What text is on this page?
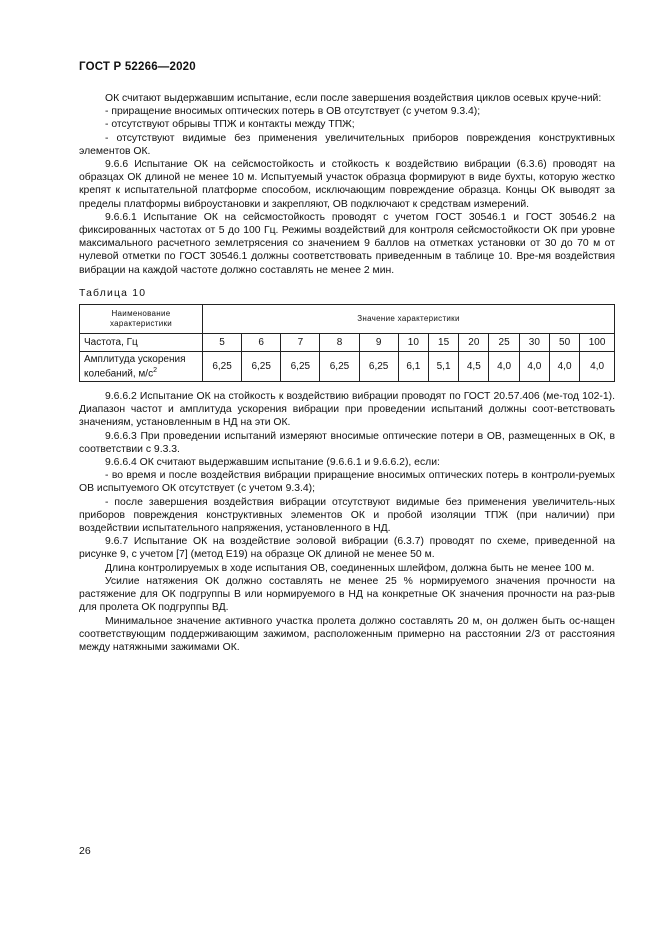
ГОСТ Р 52266—2020

ОК считают выдержавшим испытание, если после завершения воздействия циклов осевых круче-ний:

- приращение вносимых оптических потерь в ОВ отсутствует (с учетом 9.3.4);

- отсутствуют обрывы ТПЖ и контакты между ТПЖ;

- отсутствуют видимые без применения увеличительных приборов повреждения конструктивных элементов ОК.

9.6.6 Испытание ОК на сейсмостойкость и стойкость к воздействию вибрации (6.3.6) проводят на образцах ОК длиной не менее 10 м. Испытуемый участок образца формируют в виде бухты, которую жестко крепят к испытательной платформе способом, исключающим повреждение образца. Концы ОК выводят за пределы платформы виброустановки и закрепляют, ОВ подключают к средствам измерений.

9.6.6.1 Испытание ОК на сейсмостойкость проводят с учетом ГОСТ 30546.1 и ГОСТ 30546.2 на фиксированных частотах от 5 до 100 Гц. Режимы воздействий для контроля сейсмостойкости ОК при уровне максимального расчетного землетрясения со значением 9 баллов на отметках установки от 30 до 70 м от нулевой отметки по ГОСТ 30546.1 должны соответствовать приведенным в таблице 10. Вре-мя воздействия вибрации на каждой частоте должно составлять не менее 2 мин.

Таблица 10
Наименование характеристики	Значение характеристики											
Частота, Гц	5	6	7	8	9	10	15	20	25	30	50	100
Амплитуда ускорения колебаний, $м/с^2$	6,25	6,25	6,25	6,25	6,25	6,1	5,1	4,5	4,0	4,0	4,0	4,0

9.6.6.2 Испытание ОК на стойкость к воздействию вибрации проводят по ГОСТ 20.57.406 (ме-тод 102-1). Диапазон частот и амплитуда ускорения вибрации при проведении испытаний должны соот-ветствовать значениям, установленным в НД на эти ОК.

9.6.6.3 При проведении испытаний измеряют вносимые оптические потери в ОВ, размещенных в ОК, в соответствии с 9.3.3.

9.6.6.4 ОК считают выдержавшим испытание (9.6.6.1 и 9.6.6.2), если:

- во время и после воздействия вибрации приращение вносимых оптических потерь в контроли-руемых ОВ испытуемого ОК отсутствует (с учетом 9.3.4);

- после завершения воздействия вибрации отсутствуют видимые без применения увеличитель-ных приборов повреждения конструктивных элементов ОК и пробой изоляции ТПЖ (при наличии) при воздействии испытательного напряжения, установленного в НД.

9.6.7 Испытание ОК на воздействие эоловой вибрации (6.3.7) проводят по схеме, приведенной на рисунке 9, с учетом [7] (метод Е19) на образце ОК длиной не менее 50 м.

Длина контролируемых в ходе испытания ОВ, соединенных шлейфом, должна быть не менее 100 м.

Усилие натяжения ОК должно составлять не менее 25 % нормируемого значения прочности на растяжение для ОК подгруппы В или нормируемого в НД на конкретные ОК значения прочности на раз-рыв для пролета ОК подгруппы ВД.

Минимальное значение активного участка пролета должно составлять 20 м, он должен быть ос-нащен соответствующим поддерживающим зажимом, расположенным примерно на расстоянии 2/3 от расстояния между натяжными зажимами ОК.

26
